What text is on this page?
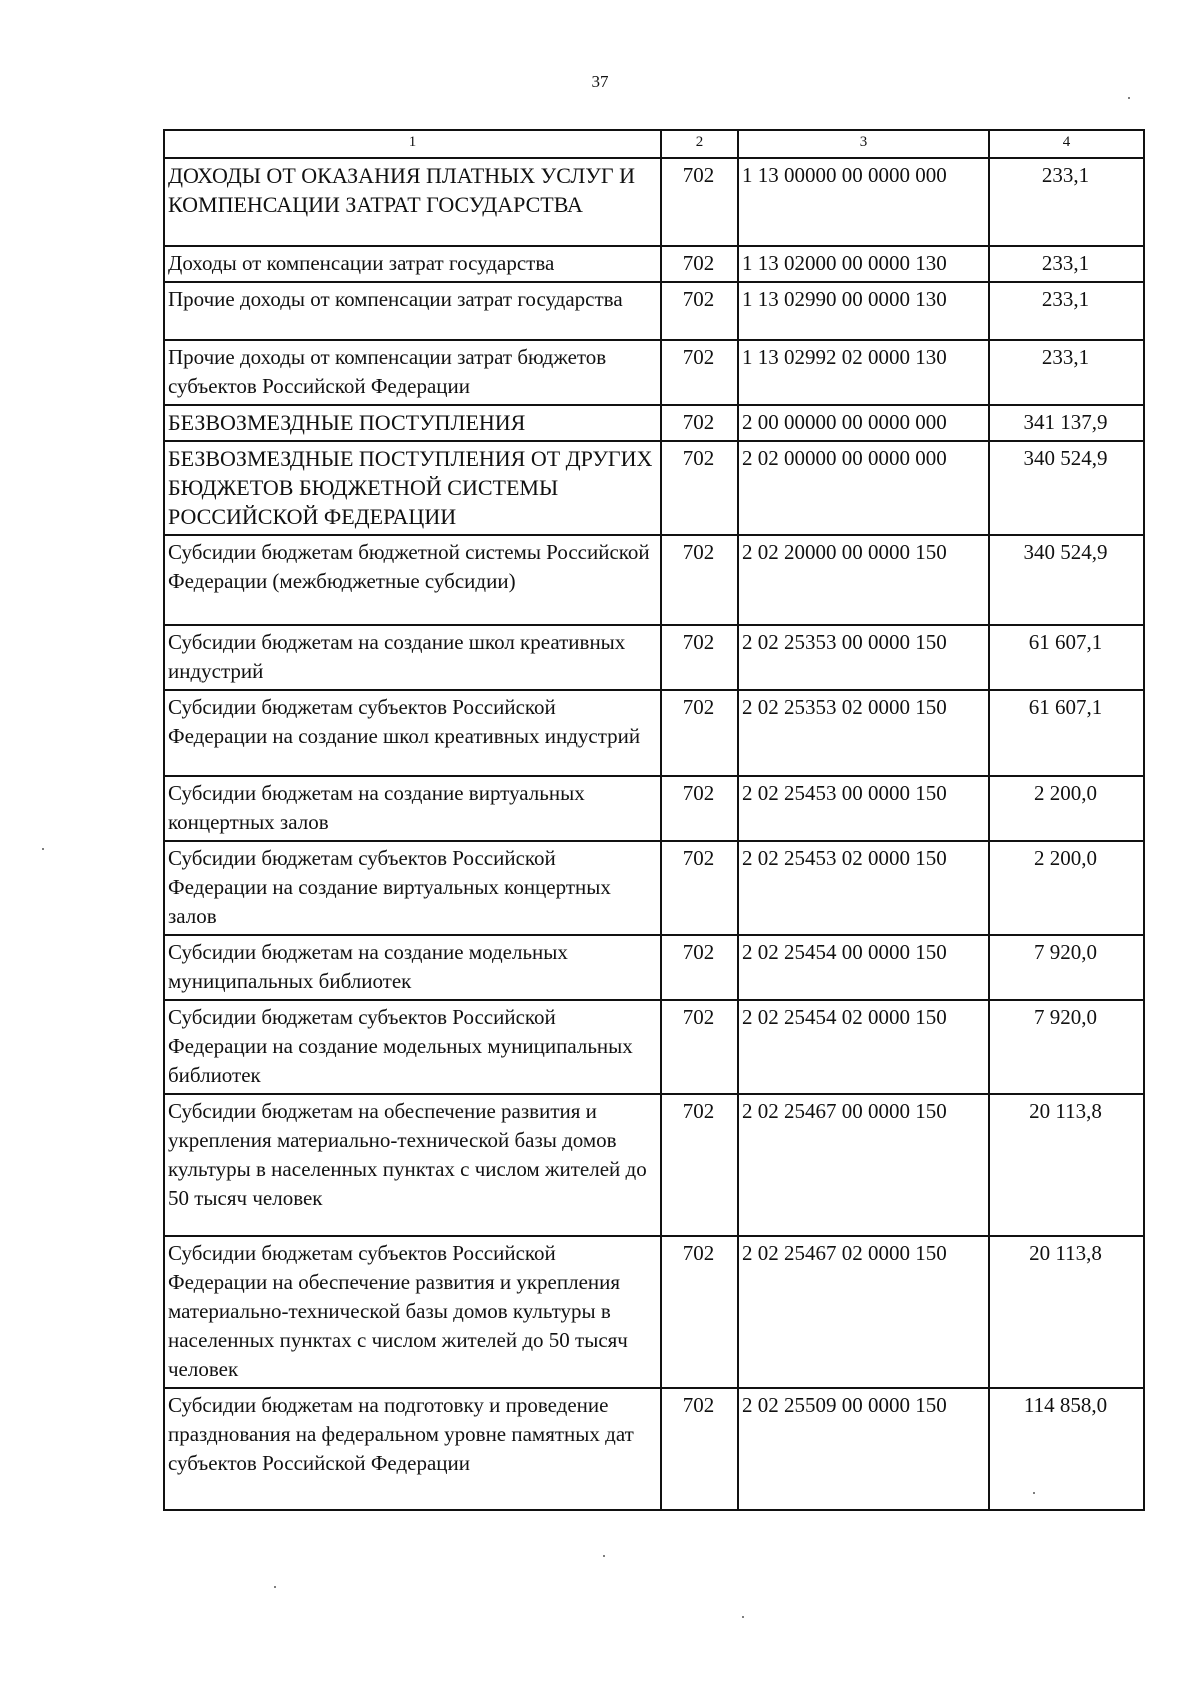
37
1	2	3	4
ДОХОДЫ ОТ ОКАЗАНИЯ ПЛАТНЫХ УСЛУГ И КОМПЕНСАЦИИ ЗАТРАТ ГОСУДАРСТВА	702	1 13 00000 00 0000 000	233,1
Доходы от компенсации затрат государства	702	1 13 02000 00 0000 130	233,1
Прочие доходы от компенсации затрат государства	702	1 13 02990 00 0000 130	233,1
Прочие доходы от компенсации затрат бюджетов субъектов Российской Федерации	702	1 13 02992 02 0000 130	233,1
БЕЗВОЗМЕЗДНЫЕ ПОСТУПЛЕНИЯ	702	2 00 00000 00 0000 000	341 137,9
БЕЗВОЗМЕЗДНЫЕ ПОСТУПЛЕНИЯ ОТ ДРУГИХ БЮДЖЕТОВ БЮДЖЕТНОЙ СИСТЕМЫ РОССИЙСКОЙ ФЕДЕРАЦИИ	702	2 02 00000 00 0000 000	340 524,9
Субсидии бюджетам бюджетной системы Российской Федерации (межбюджетные субсидии)	702	2 02 20000 00 0000 150	340 524,9
Субсидии бюджетам на создание школ креативных индустрий	702	2 02 25353 00 0000 150	61 607,1
Субсидии бюджетам субъектов Российской Федерации на создание школ креативных индустрий	702	2 02 25353 02 0000 150	61 607,1
Субсидии бюджетам на создание виртуальных концертных залов	702	2 02 25453 00 0000 150	2 200,0
Субсидии бюджетам субъектов Российской Федерации на создание виртуальных концертных залов	702	2 02 25453 02 0000 150	2 200,0
Субсидии бюджетам на создание модельных муниципальных библиотек	702	2 02 25454 00 0000 150	7 920,0
Субсидии бюджетам субъектов Российской Федерации на создание модельных муниципальных библиотек	702	2 02 25454 02 0000 150	7 920,0
Субсидии бюджетам на обеспечение развития и укрепления материально-технической базы домов культуры в населенных пунктах с числом жителей до 50 тысяч человек	702	2 02 25467 00 0000 150	20 113,8
Субсидии бюджетам субъектов Российской Федерации на обеспечение развития и укрепления материально-технической базы домов культуры в населенных пунктах с числом жителей до 50 тысяч человек	702	2 02 25467 02 0000 150	20 113,8
Субсидии бюджетам на подготовку и проведение празднования на федеральном уровне памятных дат субъектов Российской Федерации	702	2 02 25509 00 0000 150	114 858,0
